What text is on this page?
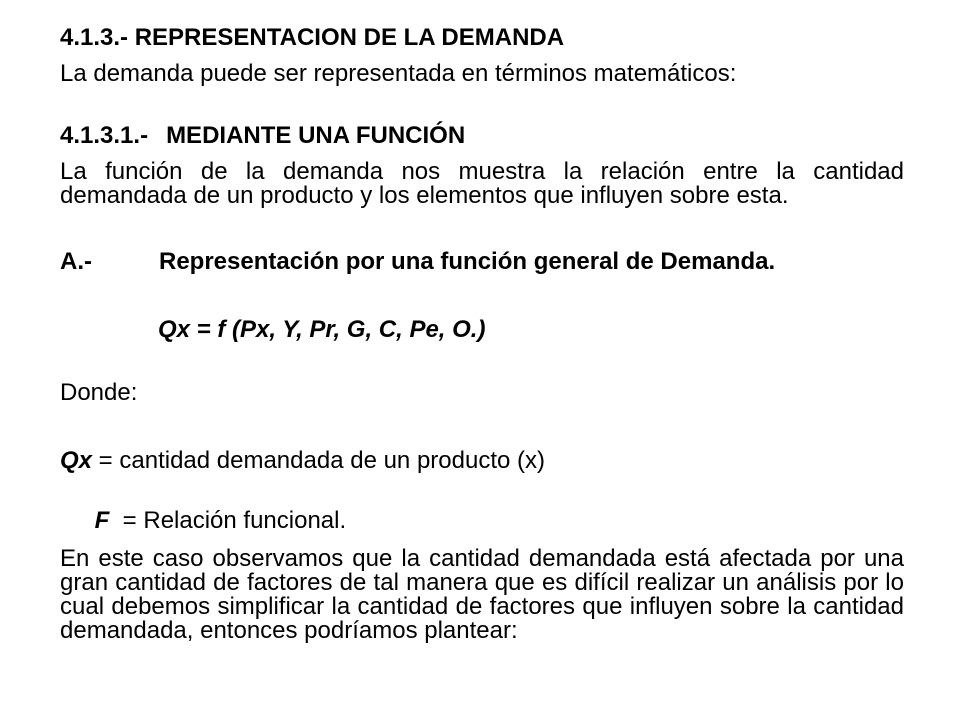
4.1.3.- REPRESENTACION DE LA DEMANDA
La demanda puede ser representada en términos matemáticos:
4.1.3.1.- MEDIANTE UNA FUNCIÓN
La función de la demanda nos muestra la relación entre la cantidad demandada de un producto y los elementos que influyen sobre esta.
A.-	Representación por una función general de Demanda.
Qx = f (Px, Y, Pr, G, C, Pe, O.)
Donde:
Qx = cantidad demandada de un producto (x)

F  = Relación funcional.

En este caso observamos que la cantidad demandada está afectada por una gran cantidad de factores de tal manera que es difícil realizar un análisis por lo cual debemos simplificar la cantidad de factores que influyen sobre la cantidad demandada, entonces podríamos plantear:
